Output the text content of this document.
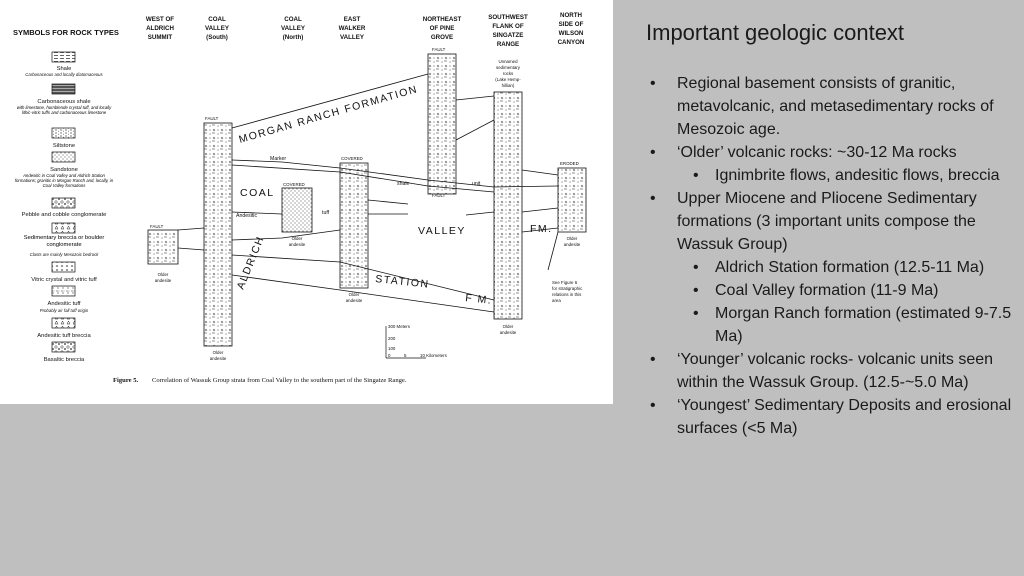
SYMBOLS FOR ROCK TYPES
Shale
Carbonaceous and locally diatomaceous
Carbonaceous shale
with limestone, hornblende crystal tuff, and locally lithic-vitric tuffs and carbonaceous limestone
Siltstone
Sandstone
Andesitic in Coal Valley and Aldrich Station formations; granitic in Morgan Ranch and, locally, in Coal Valley formations
Pebble and cobble conglomerate
Sedimentary breccia or boulder conglomerate
Clasts are mainly Mesozoic bedrock
Vitric crystal and vitric tuff
Andesitic tuff
Probably air fall tuff origin
Andesitic tuff breccia
Basaltic breccia
WEST OF
ALDRICH
SUMMIT
COAL
VALLEY
(South)
COAL
VALLEY
(North)
EAST
WALKER
VALLEY
NORTHEAST
OF PINE
GROVE
SOUTHWEST
FLANK OF
SINGATZE
RANGE
NORTH
SIDE OF
WILSON
CANYON
MORGAN RANCH FORMATION
COAL
VALLEY	FM.
ALDRICH	STATION
F M.
FAULT
FAULT
FAULT
FAULT
COVERED
COVERED
ERODED
Marker
shale	unit
tuff
Andesitic
Older
andesite
Older
andesite
Older
andesite
Older
andesite
Older
andesite
Older
andesite
Unnamed
sedimentary
rocks
(Lake Hemp-
hillian)
See Figure 6
for stratigraphic
relations in this
area
300 Meters
200
100
0	5	10 Kilometers
Figure 5. Correlation of Wassuk Group strata from Coal Valley to the southern part of the Singatze Range.
Important geologic context
• Regional basement consists of granitic, metavolcanic, and metasedimentary rocks of Mesozoic age.
• ‘Older’ volcanic rocks: ~30-12 Ma rocks
• Ignimbrite flows, andesitic flows, breccia
• Upper Miocene and Pliocene Sedimentary formations (3 important units compose the Wassuk Group)
• Aldrich Station formation (12.5-11 Ma)
• Coal Valley formation (11-9 Ma)
• Morgan Ranch formation (estimated 9-7.5 Ma)
• ‘Younger’ volcanic rocks- volcanic units seen within the Wassuk Group. (12.5-~5.0 Ma)
• ‘Youngest’ Sedimentary Deposits and erosional surfaces (<5 Ma)
